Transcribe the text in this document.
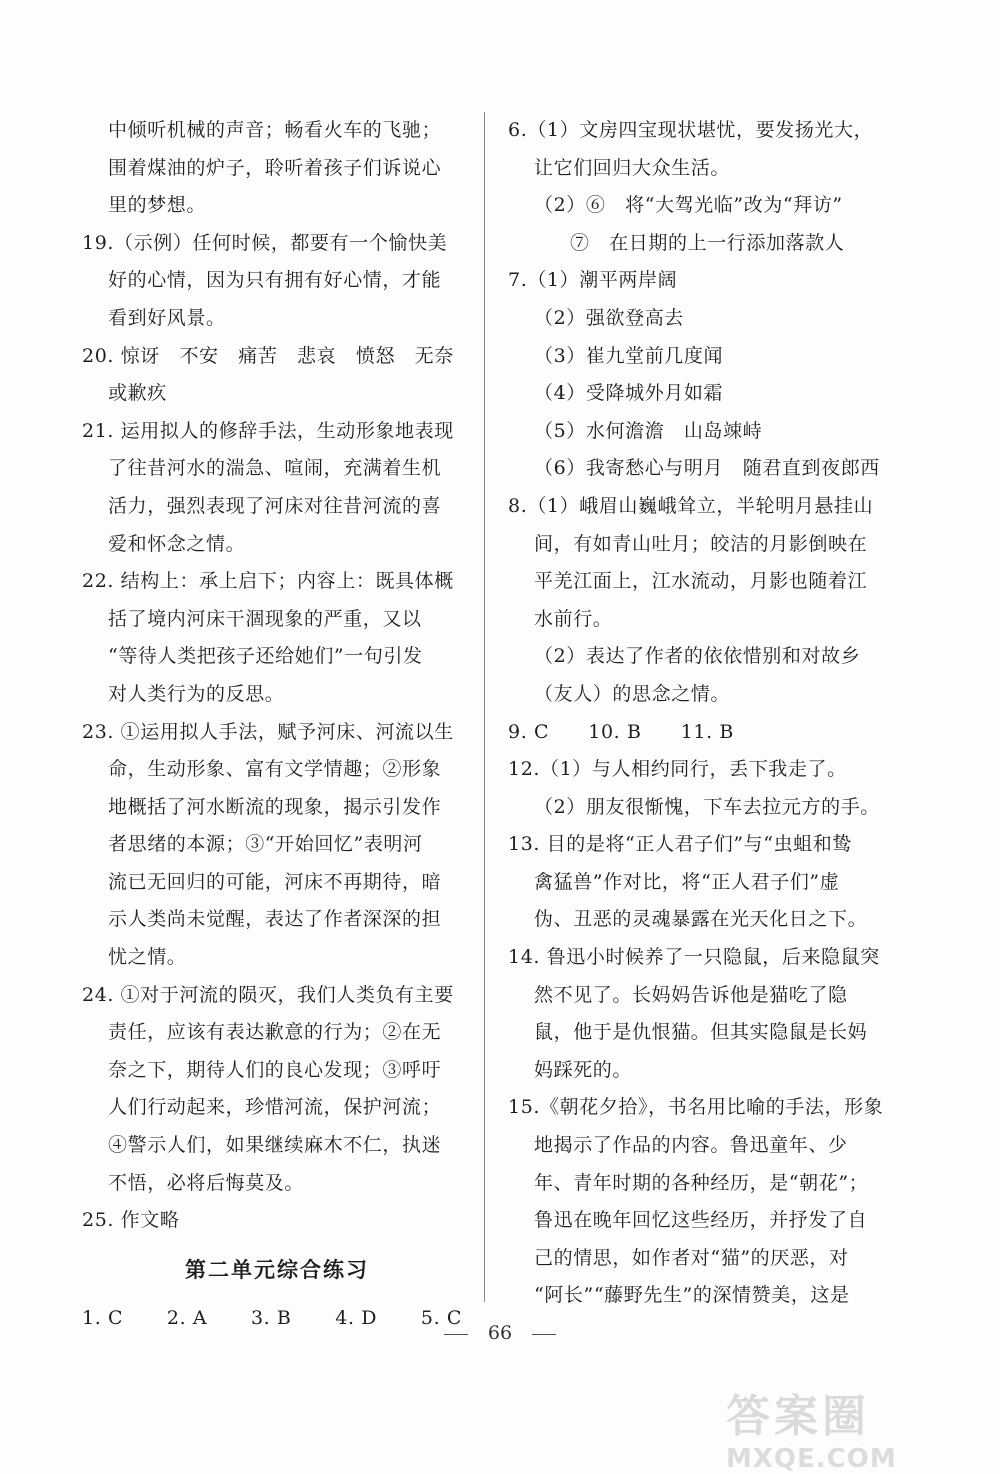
中倾听机械的声音；畅看火车的飞驰；
围着煤油的炉子，聆听着孩子们诉说心
里的梦想。
19.（示例）任何时候，都要有一个愉快美
好的心情，因为只有拥有好心情，才能
看到好风景。
20. 惊讶　不安　痛苦　悲哀　愤怒　无奈
或歉疚
21. 运用拟人的修辞手法，生动形象地表现
了往昔河水的湍急、喧闹，充满着生机
活力，强烈表现了河床对往昔河流的喜
爱和怀念之情。
22. 结构上：承上启下；内容上：既具体概
括了境内河床干涸现象的严重，又以
“等待人类把孩子还给她们”一句引发
对人类行为的反思。
23. ①运用拟人手法，赋予河床、河流以生
命，生动形象、富有文学情趣；②形象
地概括了河水断流的现象，揭示引发作
者思绪的本源；③“开始回忆”表明河
流已无回归的可能，河床不再期待，暗
示人类尚未觉醒，表达了作者深深的担
忧之情。
24. ①对于河流的陨灭，我们人类负有主要
责任，应该有表达歉意的行为；②在无
奈之下，期待人们的良心发现；③呼吁
人们行动起来，珍惜河流，保护河流；
④警示人们，如果继续麻木不仁，执迷
不悟，必将后悔莫及。
25. 作文略
第二单元综合练习
1. C 2. A 3. B 4. D 5. C
6.（1）文房四宝现状堪忧，要发扬光大，
让它们回归大众生活。
（2）⑥　将“大驾光临”改为“拜访”
⑦　在日期的上一行添加落款人
7.（1）潮平两岸阔
（2）强欲登高去
（3）崔九堂前几度闻
（4）受降城外月如霜
（5）水何澹澹　山岛竦峙
（6）我寄愁心与明月　随君直到夜郎西
8.（1）峨眉山巍峨耸立，半轮明月悬挂山
间，有如青山吐月；皎洁的月影倒映在
平羌江面上，江水流动，月影也随着江
水前行。
（2）表达了作者的依依惜别和对故乡
（友人）的思念之情。
9. C　　10. B　　11. B
12.（1）与人相约同行，丢下我走了。
（2）朋友很惭愧，下车去拉元方的手。
13. 目的是将“正人君子们”与“虫蛆和鸷
禽猛兽”作对比，将“正人君子们”虚
伪、丑恶的灵魂暴露在光天化日之下。
14. 鲁迅小时候养了一只隐鼠，后来隐鼠突
然不见了。长妈妈告诉他是猫吃了隐
鼠，他于是仇恨猫。但其实隐鼠是长妈
妈踩死的。
15.《朝花夕拾》，书名用比喻的手法，形象
地揭示了作品的内容。鲁迅童年、少
年、青年时期的各种经历，是“朝花”；
鲁迅在晚年回忆这些经历，并抒发了自
己的情思，如作者对“猫”的厌恶，对
“阿长”“藤野先生”的深情赞美，这是
66
答案圈
MXQE.COM
